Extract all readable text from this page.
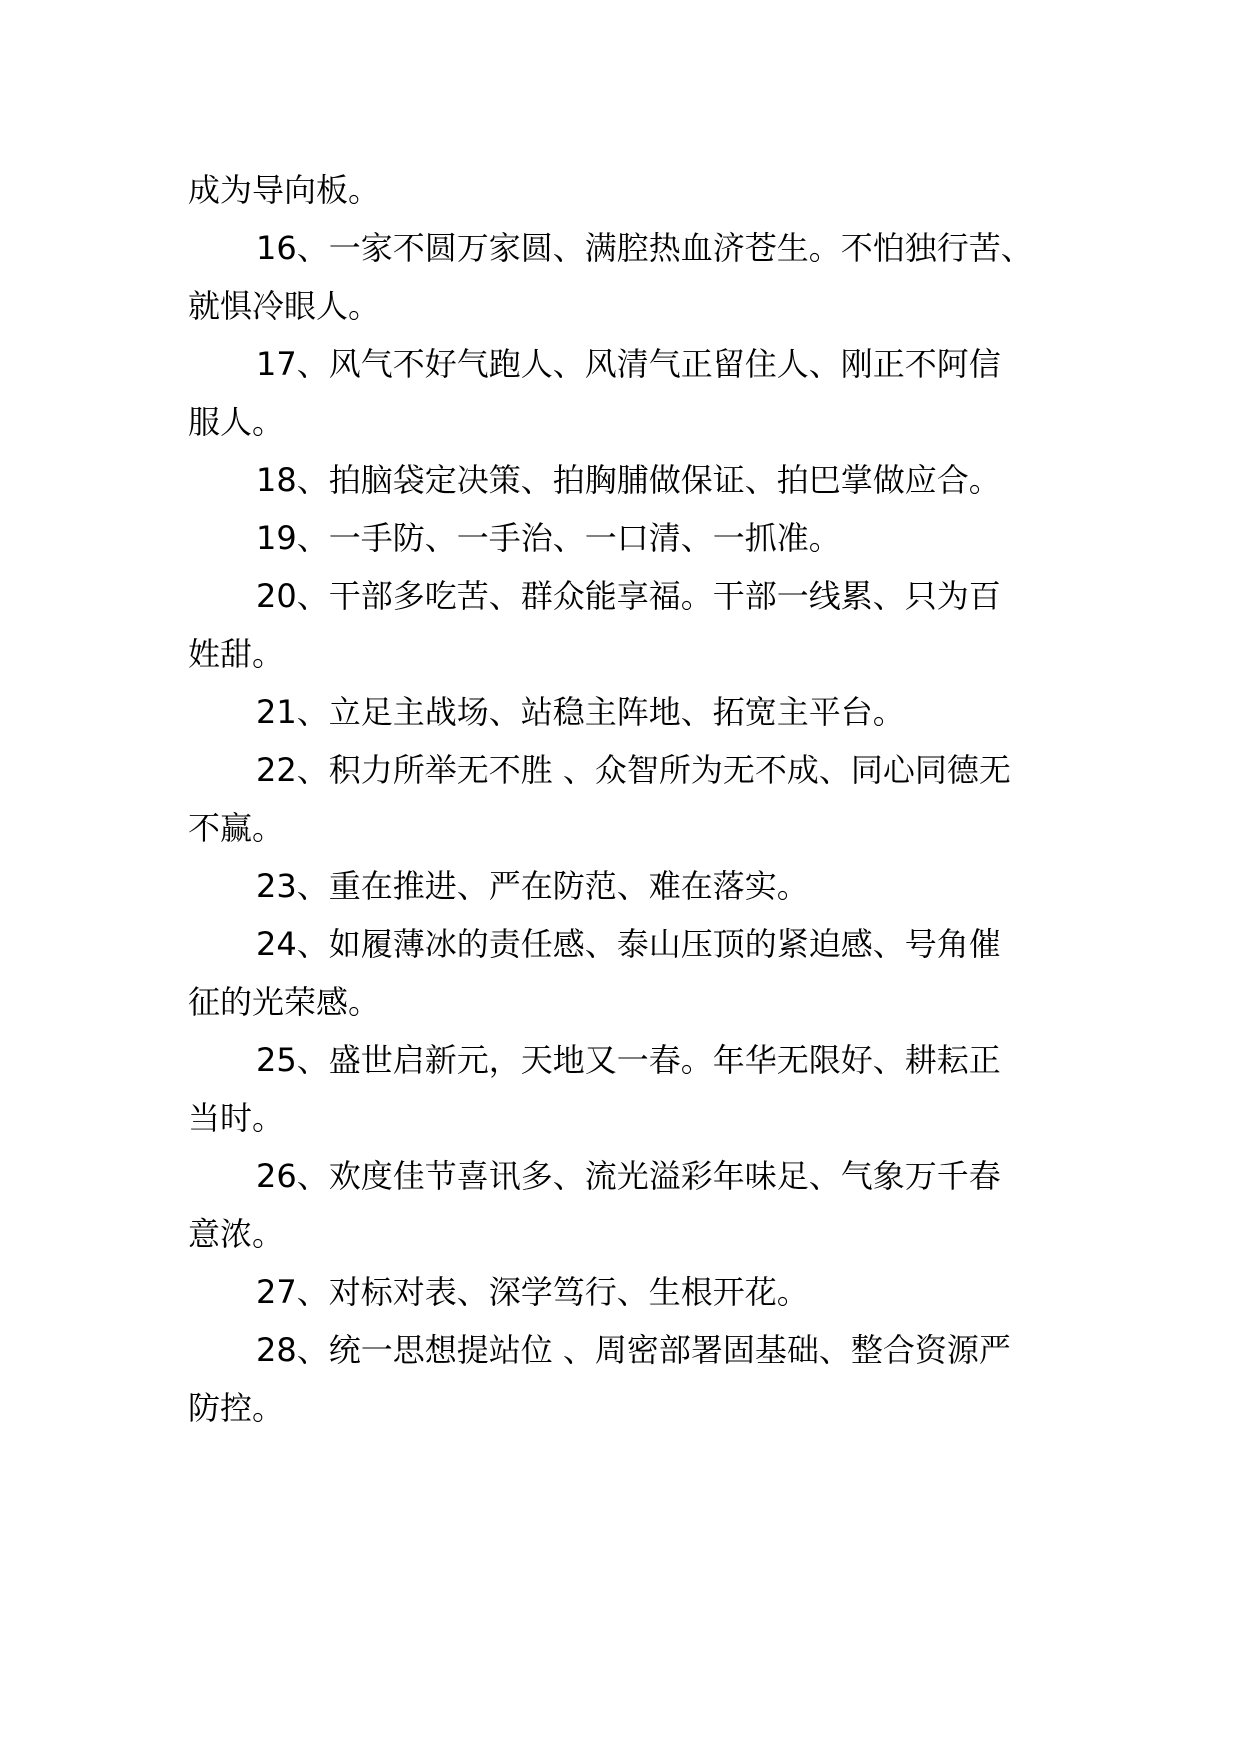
成为导向板。
16、一家不圆万家圆、满腔热血济苍生。不怕独行苦、
就惧冷眼人。
17、风气不好气跑人、风清气正留住人、刚正不阿信
服人。
18、拍脑袋定决策、拍胸脯做保证、拍巴掌做应合。
19、一手防、一手治、一口清、一抓准。
20、干部多吃苦、群众能享福。干部一线累、只为百
姓甜。
21、立足主战场、站稳主阵地、拓宽主平台。
22、积力所举无不胜 、众智所为无不成、同心同德无
不赢。
23、重在推进、严在防范、难在落实。
24、如履薄冰的责任感、泰山压顶的紧迫感、号角催
征的光荣感。
25、盛世启新元，天地又一春。年华无限好、耕耘正
当时。
26、欢度佳节喜讯多、流光溢彩年味足、气象万千春
意浓。
27、对标对表、深学笃行、生根开花。
28、统一思想提站位 、周密部署固基础、整合资源严
防控。
